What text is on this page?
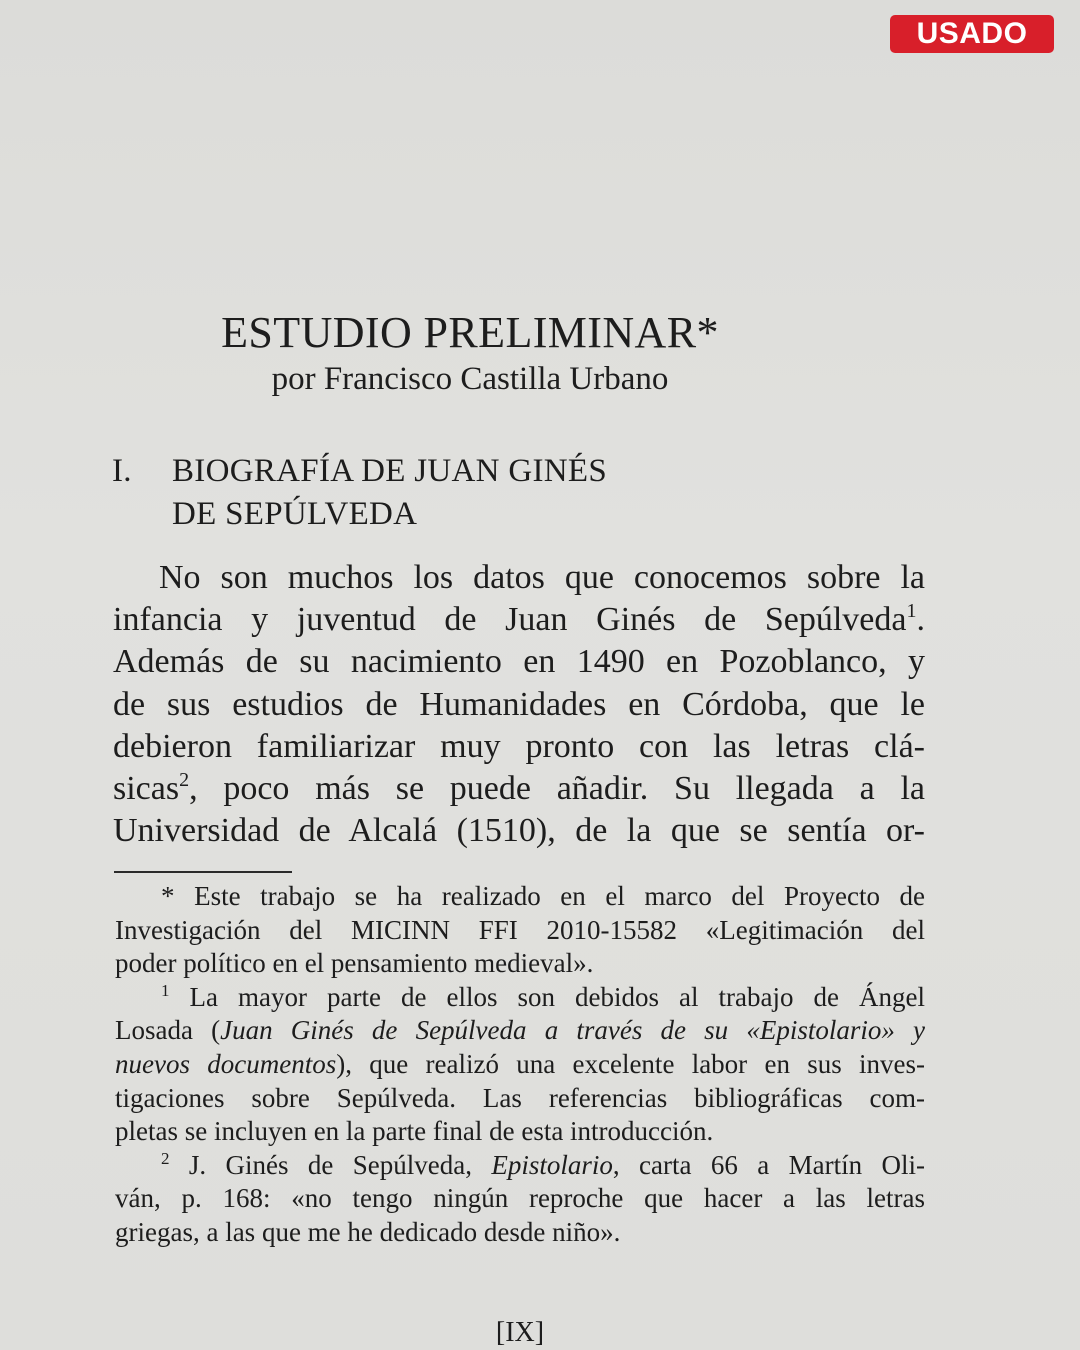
USADO
ESTUDIO PRELIMINAR*
por Francisco Castilla Urbano
I. BIOGRAFÍA DE JUAN GINÉS
DE SEPÚLVEDA
No son muchos los datos que conocemos sobre la
infancia y juventud de Juan Ginés de Sepúlveda$^1$.
Además de su nacimiento en 1490 en Pozoblanco, y
de sus estudios de Humanidades en Córdoba, que le
debieron familiarizar muy pronto con las letras clá-
sicas$^2$, poco más se puede añadir. Su llegada a la
Universidad de Alcalá (1510), de la que se sentía or-
* Este trabajo se ha realizado en el marco del Proyecto de
Investigación del MICINN FFI 2010-15582 «Legitimación del
poder político en el pensamiento medieval».
$^1$ La mayor parte de ellos son debidos al trabajo de Ángel
Losada (Juan Ginés de Sepúlveda a través de su «Epistolario» y
nuevos documentos), que realizó una excelente labor en sus inves-
tigaciones sobre Sepúlveda. Las referencias bibliográficas com-
pletas se incluyen en la parte final de esta introducción.
$^2$ J. Ginés de Sepúlveda, Epistolario, carta 66 a Martín Oli-
ván, p. 168: «no tengo ningún reproche que hacer a las letras
griegas, a las que me he dedicado desde niño».
[IX]
